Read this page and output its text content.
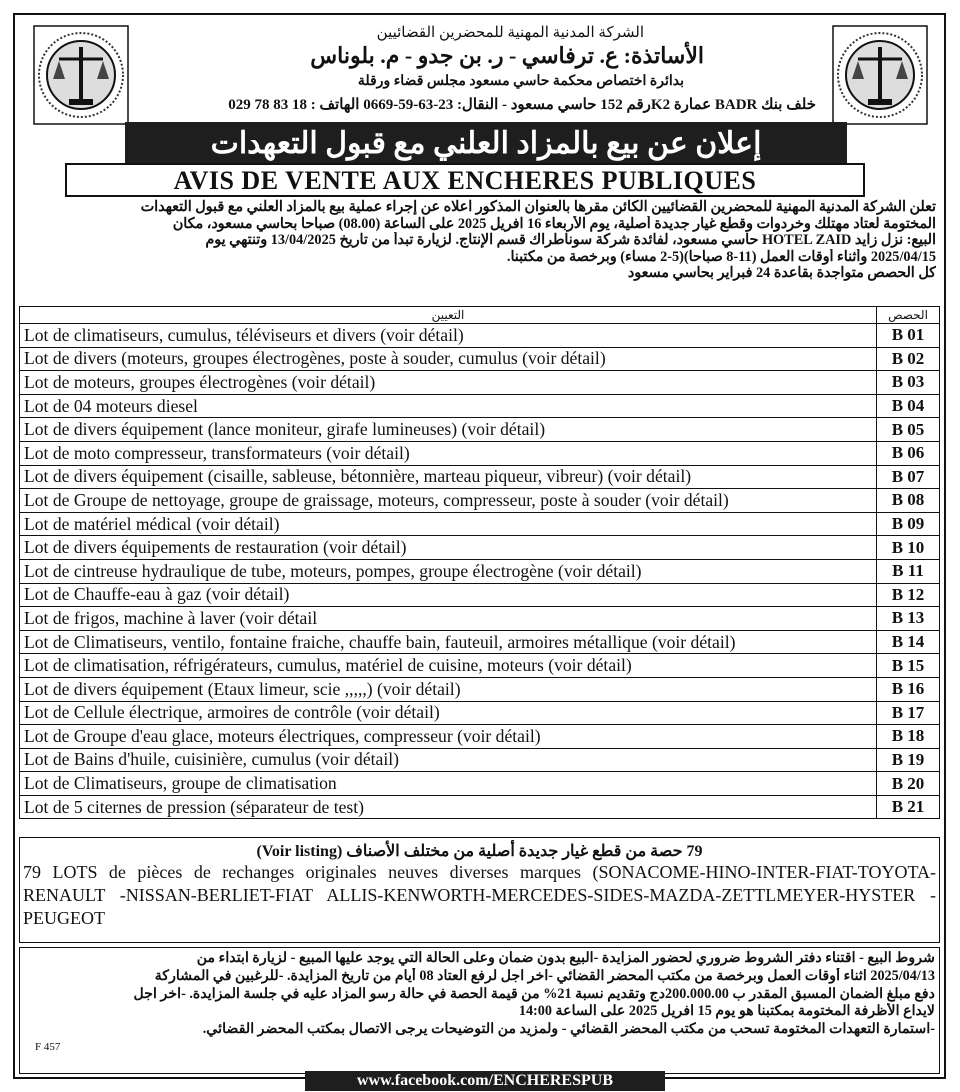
الشركة المدنية المهنية للمحضرين القضائيين
الأساتذة: ع. ترفاسي - ر. بن جدو - م. بلوناس
بدائرة اختصاص محكمة حاسي مسعود مجلس قضاء ورقلة
خلف بنك BADR عمارة K2رقم 152 حاسي مسعود - النقال: 23-63-59-0669 الهاتف : 18 83 78 029
إعلان عن بيع بالمزاد العلني مع قبول التعهدات
AVIS DE VENTE AUX ENCHERES PUBLIQUES
تعلن الشركة المدنية المهنية للمحضرين القضائيين الكائن مقرها بالعنوان المذكور اعلاه عن إجراء عملية بيع بالمزاد العلني مع قبول التعهدات
المختومة لعتاد مهتلك وخردوات وقطع غيار جديدة أصلية، يوم الأربعاء 16 افريل 2025 على الساعة (08.00) صباحا بحاسي مسعود، مكان
البيع: نزل زايد HOTEL ZAID حاسي مسعود، لفائدة شركة سوناطراك قسم الإنتاج. لزيارة تبدأ من تاريخ 13/04/2025 وتنتهي يوم
2025/04/15 وأثناء أوقات العمل (11-8 صباحا)(5-2 مساء) وبرخصة من مكتبنا.
كل الحصص متواجدة بقاعدة 24 فبراير بحاسي مسعود
التعيين	الحصص
Lot de climatiseurs, cumulus, téléviseurs et divers (voir détail)	B 01
Lot de divers (moteurs, groupes électrogènes, poste à souder, cumulus (voir détail)	B 02
Lot de moteurs, groupes électrogènes (voir détail)	B 03
Lot de 04 moteurs diesel	B 04
Lot de divers équipement (lance moniteur, girafe lumineuses) (voir détail)	B 05
Lot de moto compresseur, transformateurs (voir détail)	B 06
Lot de divers équipement (cisaille, sableuse, bétonnière, marteau piqueur, vibreur) (voir détail)	B 07
Lot de Groupe de nettoyage, groupe de graissage, moteurs, compresseur, poste à souder (voir détail)	B 08
Lot de matériel médical (voir détail)	B 09
Lot de divers équipements de restauration (voir détail)	B 10
Lot de cintreuse hydraulique de tube, moteurs, pompes, groupe électrogène (voir détail)	B 11
Lot de Chauffe-eau à gaz (voir détail)	B 12
Lot de frigos, machine à laver (voir détail	B 13
Lot de Climatiseurs, ventilo, fontaine fraiche, chauffe bain, fauteuil, armoires métallique (voir détail)	B 14
Lot de climatisation, réfrigérateurs, cumulus, matériel de cuisine, moteurs (voir détail)	B 15
Lot de divers équipement (Etaux limeur, scie ,,,,,) (voir détail)	B 16
Lot de Cellule électrique, armoires de contrôle (voir détail)	B 17
Lot de Groupe d'eau glace, moteurs électriques, compresseur (voir détail)	B 18
Lot de Bains d'huile, cuisinière, cumulus (voir détail)	B 19
Lot de Climatiseurs, groupe de climatisation	B 20
Lot de 5 citernes de pression (séparateur de test)	B 21
79 حصة من قطع غيار جديدة أصلية من مختلف الأصناف (Voir listing)
79 LOTS de pièces de rechanges originales neuves diverses marques (SONACOME-HINO-INTER-FIAT-TOYOTA-RENAULT -NISSAN-BERLIET-FIAT ALLIS-KENWORTH-MERCEDES-SIDES-MAZDA-ZETTLMEYER-HYSTER -PEUGEOT
شروط البيع - اقتناء دفتر الشروط ضروري لحضور المزايدة -البيع بدون ضمان وعلى الحالة التي يوجد عليها المبيع - لزيارة ابتداء من
2025/04/13 اثناء أوقات العمل وبرخصة من مكتب المحضر القضائي -اخر اجل لرفع العتاد 08 أيام من تاريخ المزايدة. -للرغبين في المشاركة
دفع مبلغ الضمان المسبق المقدر ب 200.000.00دج وتقديم نسبة 21% من قيمة الحصة في حالة رسو المزاد عليه في جلسة المزايدة. -اخر اجل
لايداع الأظرفة المختومة بمكتبنا هو يوم 15 افريل 2025 على الساعة 14:00
-استمارة التعهدات المختومة تسحب من مكتب المحضر القضائي - ولمزيد من التوضيحات يرجى الاتصال بمكتب المحضر القضائي.
F 457
www.facebook.com/ENCHERESPUB
